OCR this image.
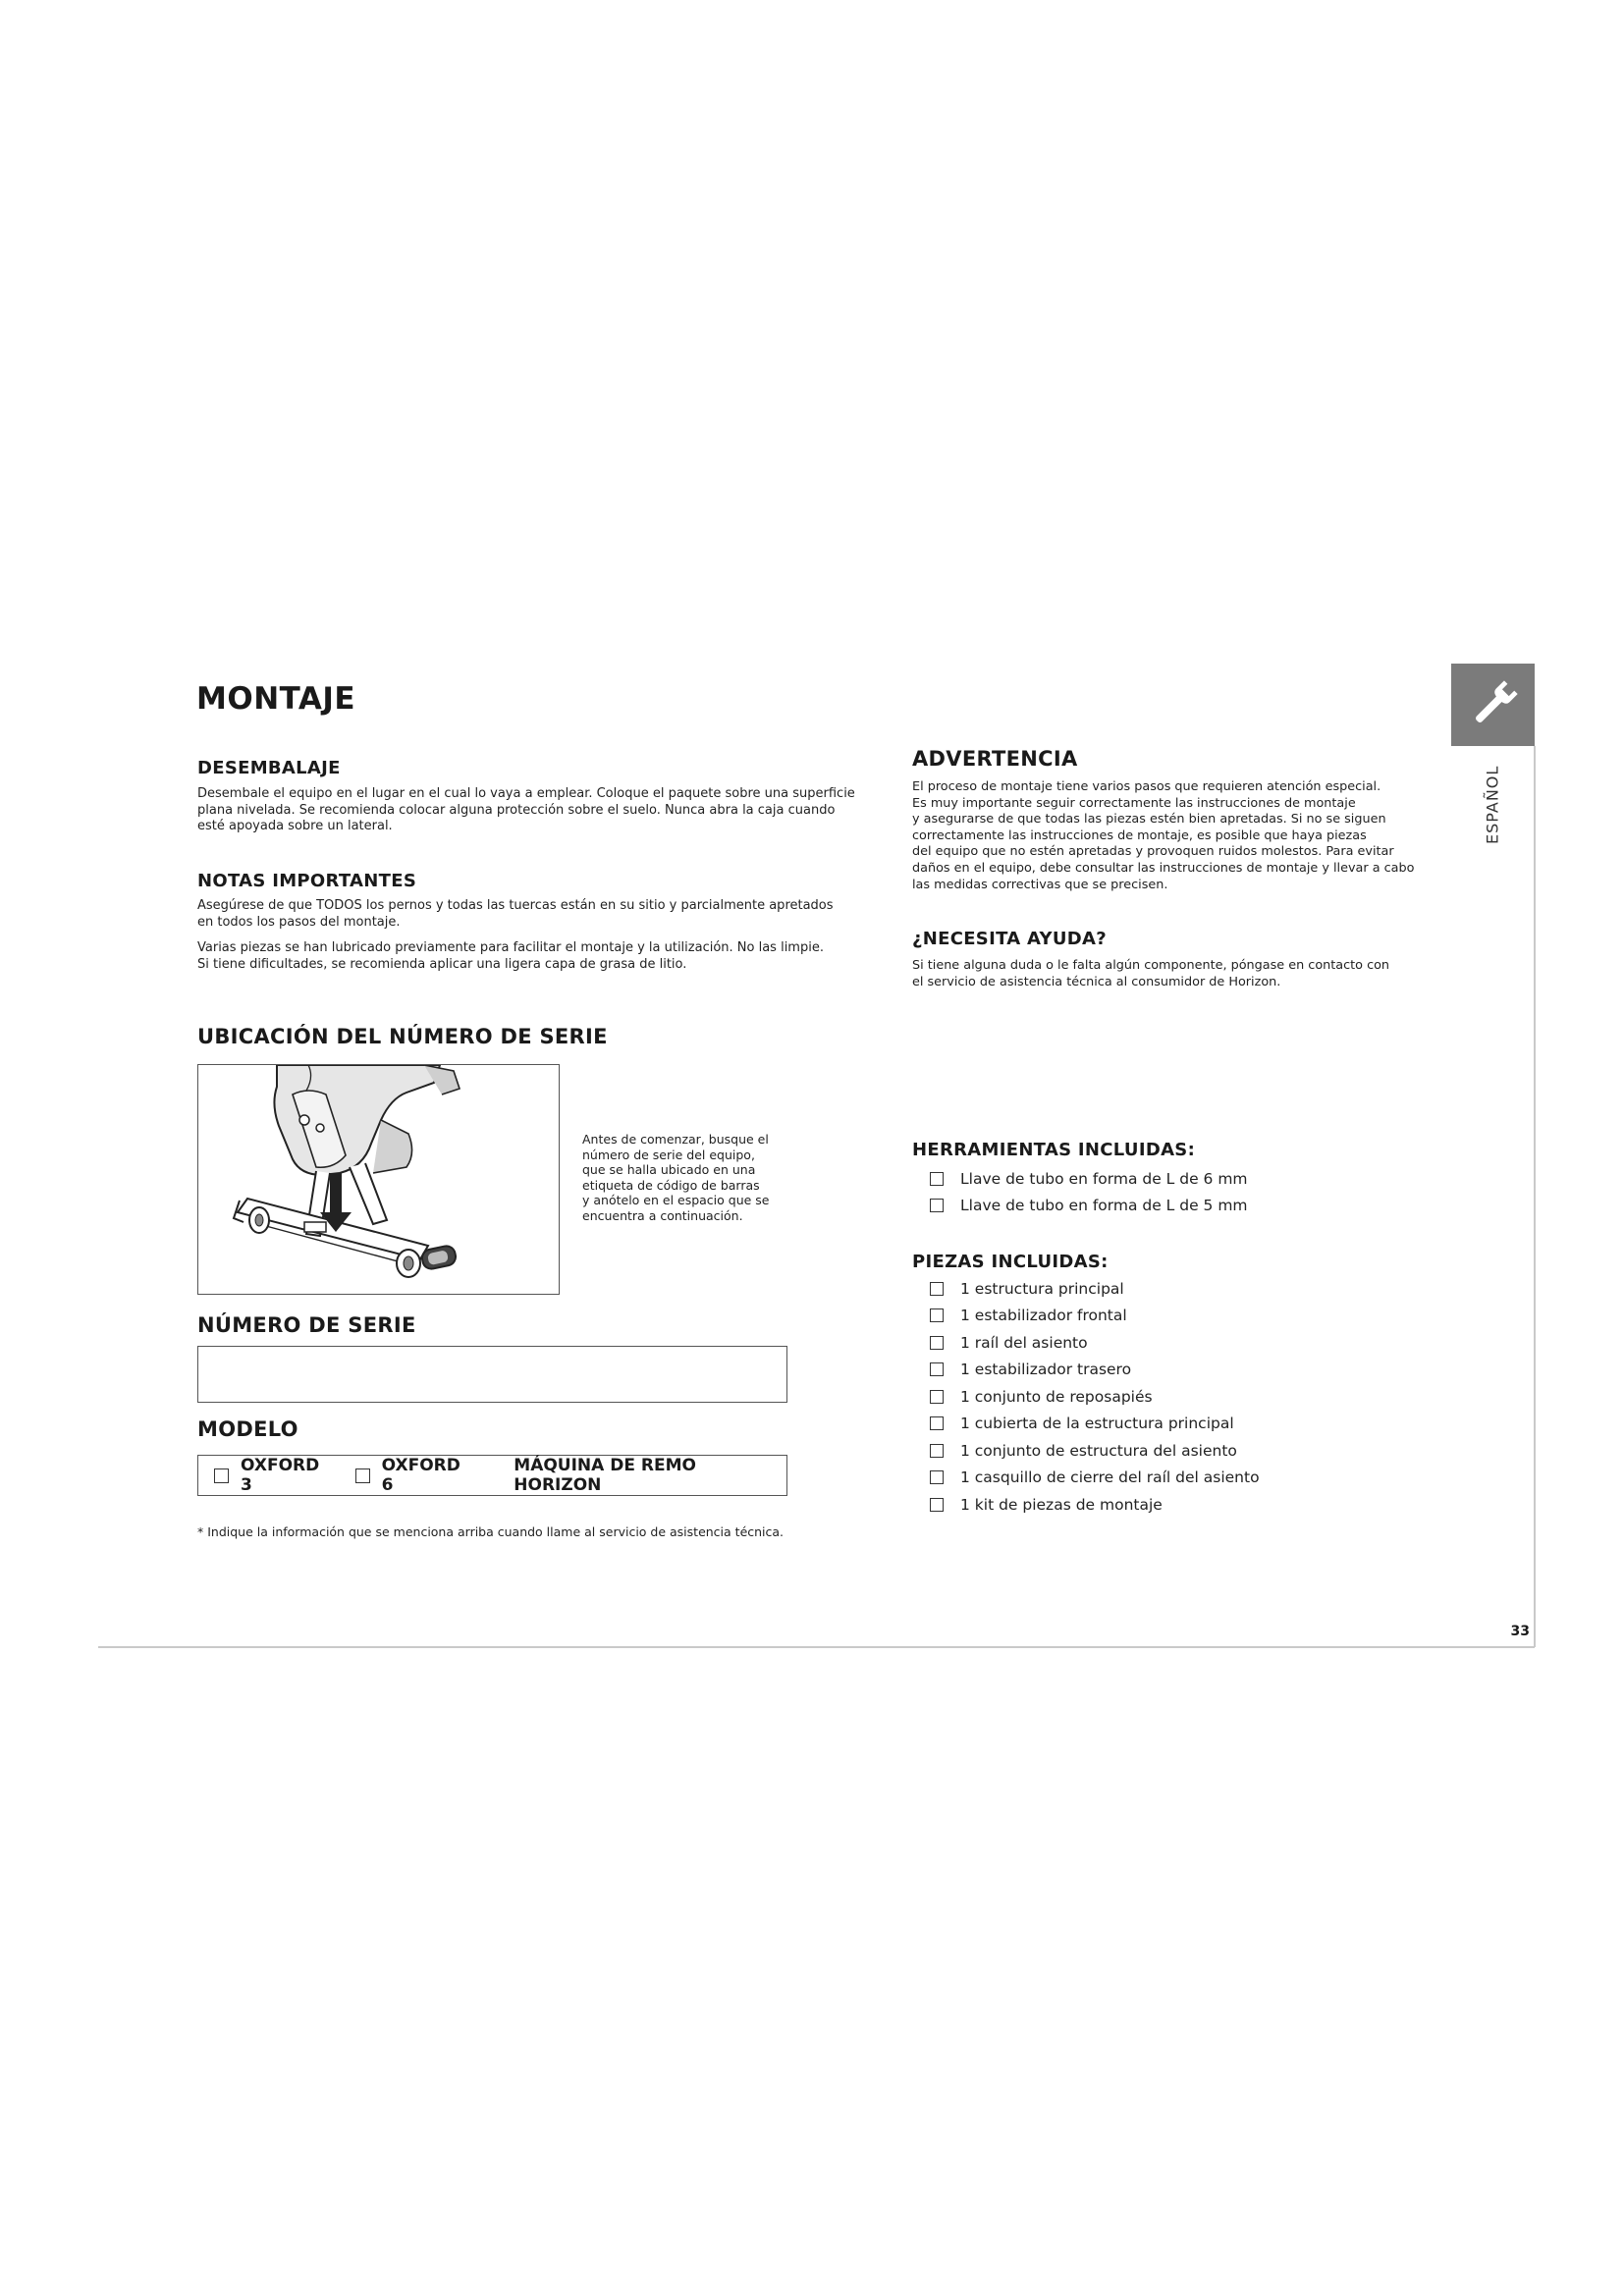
ESPAÑOL
MONTAJE
DESEMBALAJE
Desembale el equipo en el lugar en el cual lo vaya a emplear. Coloque el paquete sobre una superficie
plana nivelada. Se recomienda colocar alguna protección sobre el suelo. Nunca abra la caja cuando
esté apoyada sobre un lateral.
NOTAS IMPORTANTES
Asegúrese de que TODOS los pernos y todas las tuercas están en su sitio y parcialmente apretados
en todos los pasos del montaje.
Varias piezas se han lubricado previamente para facilitar el montaje y la utilización. No las limpie.
Si tiene dificultades, se recomienda aplicar una ligera capa de grasa de litio.
UBICACIÓN DEL NÚMERO DE SERIE
Antes de comenzar, busque el
número de serie del equipo,
que se halla ubicado en una
etiqueta de código de barras
y anótelo en el espacio que se
encuentra a continuación.
NÚMERO DE SERIE
MODELO
OXFORD 3
OXFORD 6
MÁQUINA DE REMO HORIZON
* Indique la información que se menciona arriba cuando llame al servicio de asistencia técnica.
ADVERTENCIA
El proceso de montaje tiene varios pasos que requieren atención especial.
Es muy importante seguir correctamente las instrucciones de montaje
y asegurarse de que todas las piezas estén bien apretadas. Si no se siguen
correctamente las instrucciones de montaje, es posible que haya piezas
del equipo que no estén apretadas y provoquen ruidos molestos. Para evitar
daños en el equipo, debe consultar las instrucciones de montaje y llevar a cabo
las medidas correctivas que se precisen.
¿NECESITA AYUDA?
Si tiene alguna duda o le falta algún componente, póngase en contacto con
el servicio de asistencia técnica al consumidor de Horizon.
HERRAMIENTAS INCLUIDAS:
Llave de tubo en forma de L de 6 mm
Llave de tubo en forma de L de 5 mm
PIEZAS INCLUIDAS:
1 estructura principal
1 estabilizador frontal
1 raíl del asiento
1 estabilizador trasero
1 conjunto de reposapiés
1 cubierta de la estructura principal
1 conjunto de estructura del asiento
1 casquillo de cierre del raíl del asiento
1 kit de piezas de montaje
33
